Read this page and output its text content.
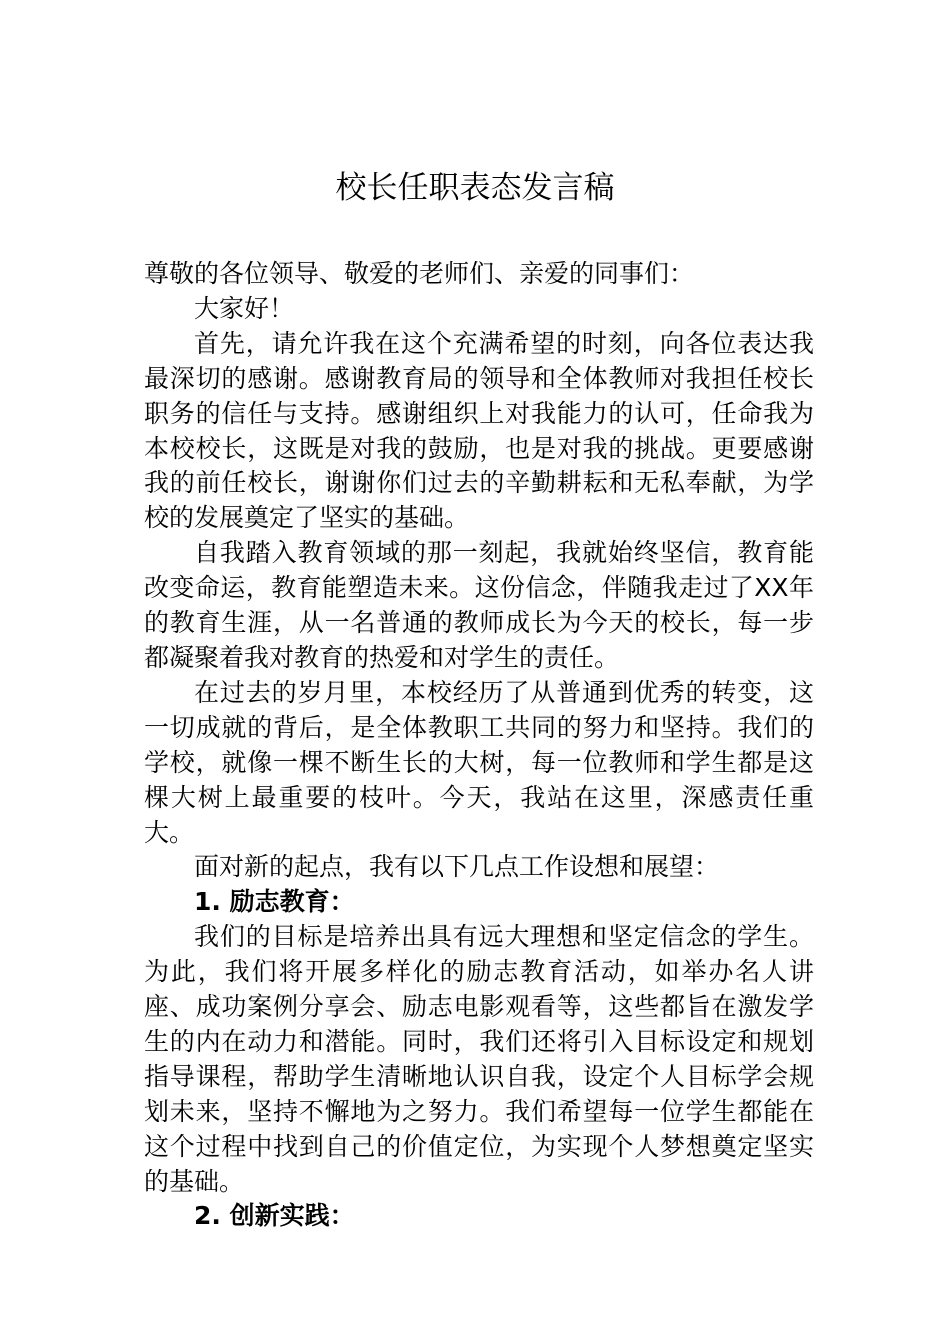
校长任职表态发言稿

尊敬的各位领导、敬爱的老师们、亲爱的同事们：

大家好！

首先，请允许我在这个充满希望的时刻，向各位表达我最深切的感谢。感谢教育局的领导和全体教师对我担任校长职务的信任与支持。感谢组织上对我能力的认可，任命我为本校校长，这既是对我的鼓励，也是对我的挑战。更要感谢我的前任校长，谢谢你们过去的辛勤耕耘和无私奉献，为学校的发展奠定了坚实的基础。

自我踏入教育领域的那一刻起，我就始终坚信，教育能改变命运，教育能塑造未来。这份信念，伴随我走过了XX年的教育生涯，从一名普通的教师成长为今天的校长，每一步都凝聚着我对教育的热爱和对学生的责任。

在过去的岁月里，本校经历了从普通到优秀的转变，这一切成就的背后，是全体教职工共同的努力和坚持。我们的学校，就像一棵不断生长的大树，每一位教师和学生都是这棵大树上最重要的枝叶。今天，我站在这里，深感责任重大。

面对新的起点，我有以下几点工作设想和展望：

1. 励志教育：

我们的目标是培养出具有远大理想和坚定信念的学生。为此，我们将开展多样化的励志教育活动，如举办名人讲座、成功案例分享会、励志电影观看等，这些都旨在激发学生的内在动力和潜能。同时，我们还将引入目标设定和规划指导课程，帮助学生清晰地认识自我，设定个人目标学会规划未来，坚持不懈地为之努力。我们希望每一位学生都能在这个过程中找到自己的价值定位，为实现个人梦想奠定坚实的基础。

2. 创新实践：
